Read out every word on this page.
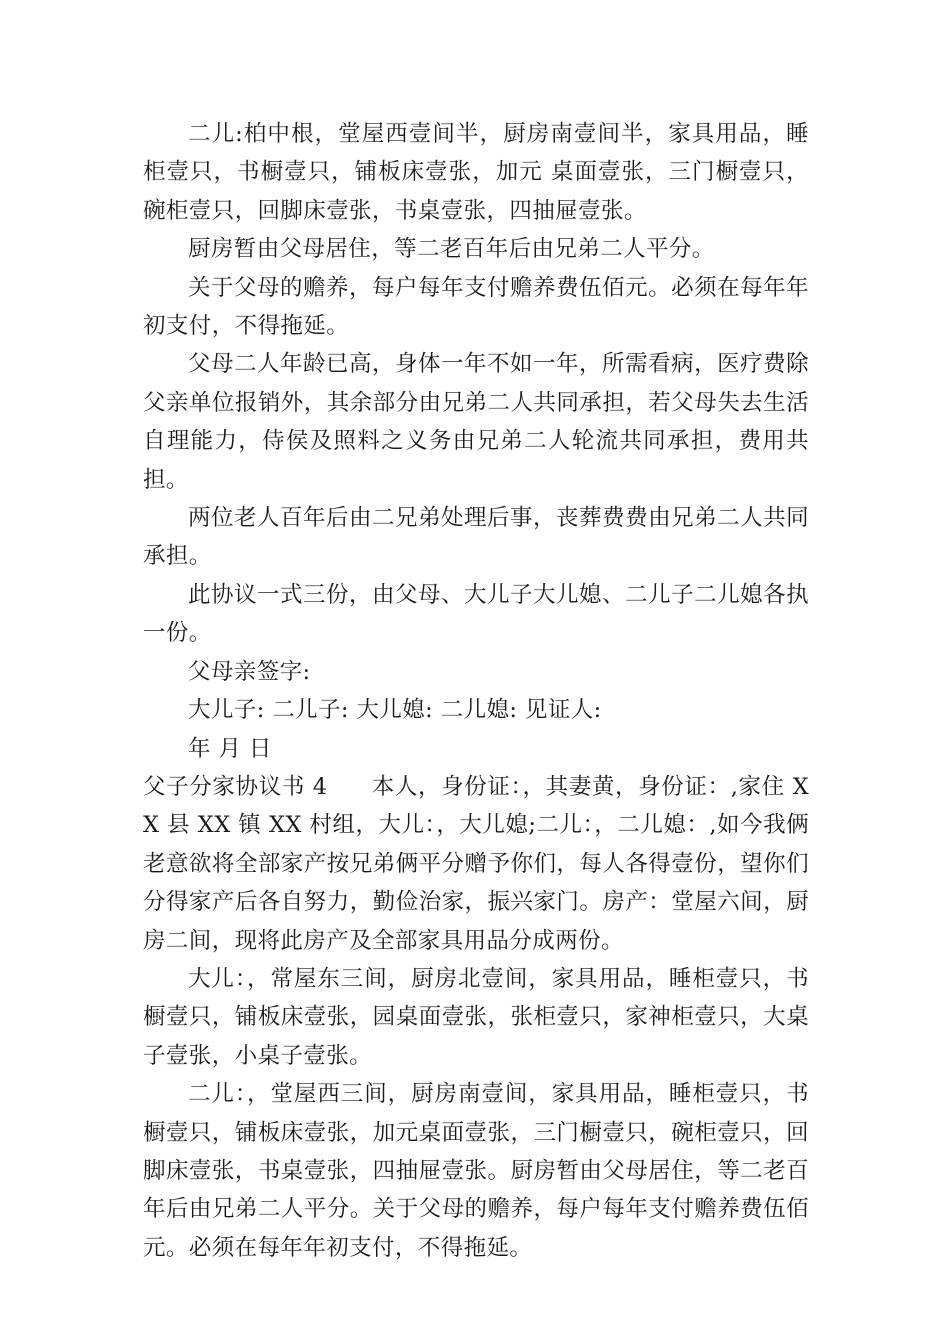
二儿:柏中根，堂屋西壹间半，厨房南壹间半，家具用品，睡柜壹只，书橱壹只，铺板床壹张，加元 桌面壹张，三门橱壹只，碗柜壹只，回脚床壹张，书桌壹张，四抽屉壹张。

厨房暂由父母居住，等二老百年后由兄弟二人平分。

关于父母的赡养，每户每年支付赡养费伍佰元。必须在每年年初支付，不得拖延。

父母二人年龄已高，身体一年不如一年，所需看病，医疗费除父亲单位报销外，其余部分由兄弟二人共同承担，若父母失去生活自理能力，侍侯及照料之义务由兄弟二人轮流共同承担，费用共担。

两位老人百年后由二兄弟处理后事，丧葬费费由兄弟二人共同承担。

此协议一式三份，由父母、大儿子大儿媳、二儿子二儿媳各执一份。

父母亲签字:

大儿子: 二儿子: 大儿媳: 二儿媳: 见证人:

年 月 日

父子分家协议书 4 本人，身份证：，其妻黄，身份证：,家住 XX 县 XX 镇 XX 村组，大儿：，大儿媳;二儿：，二儿媳：,如今我俩老意欲将全部家产按兄弟俩平分赠予你们，每人各得壹份，望你们分得家产后各自努力，勤俭治家，振兴家门。房产：堂屋六间，厨房二间，现将此房产及全部家具用品分成两份。

大儿：，常屋东三间，厨房北壹间，家具用品，睡柜壹只，书橱壹只，铺板床壹张，园桌面壹张，张柜壹只，家神柜壹只，大桌子壹张，小桌子壹张。

二儿：，堂屋西三间，厨房南壹间，家具用品，睡柜壹只，书橱壹只，铺板床壹张，加元桌面壹张，三门橱壹只，碗柜壹只，回脚床壹张，书桌壹张，四抽屉壹张。厨房暂由父母居住，等二老百年后由兄弟二人平分。关于父母的赡养，每户每年支付赡养费伍佰元。必须在每年年初支付，不得拖延。
